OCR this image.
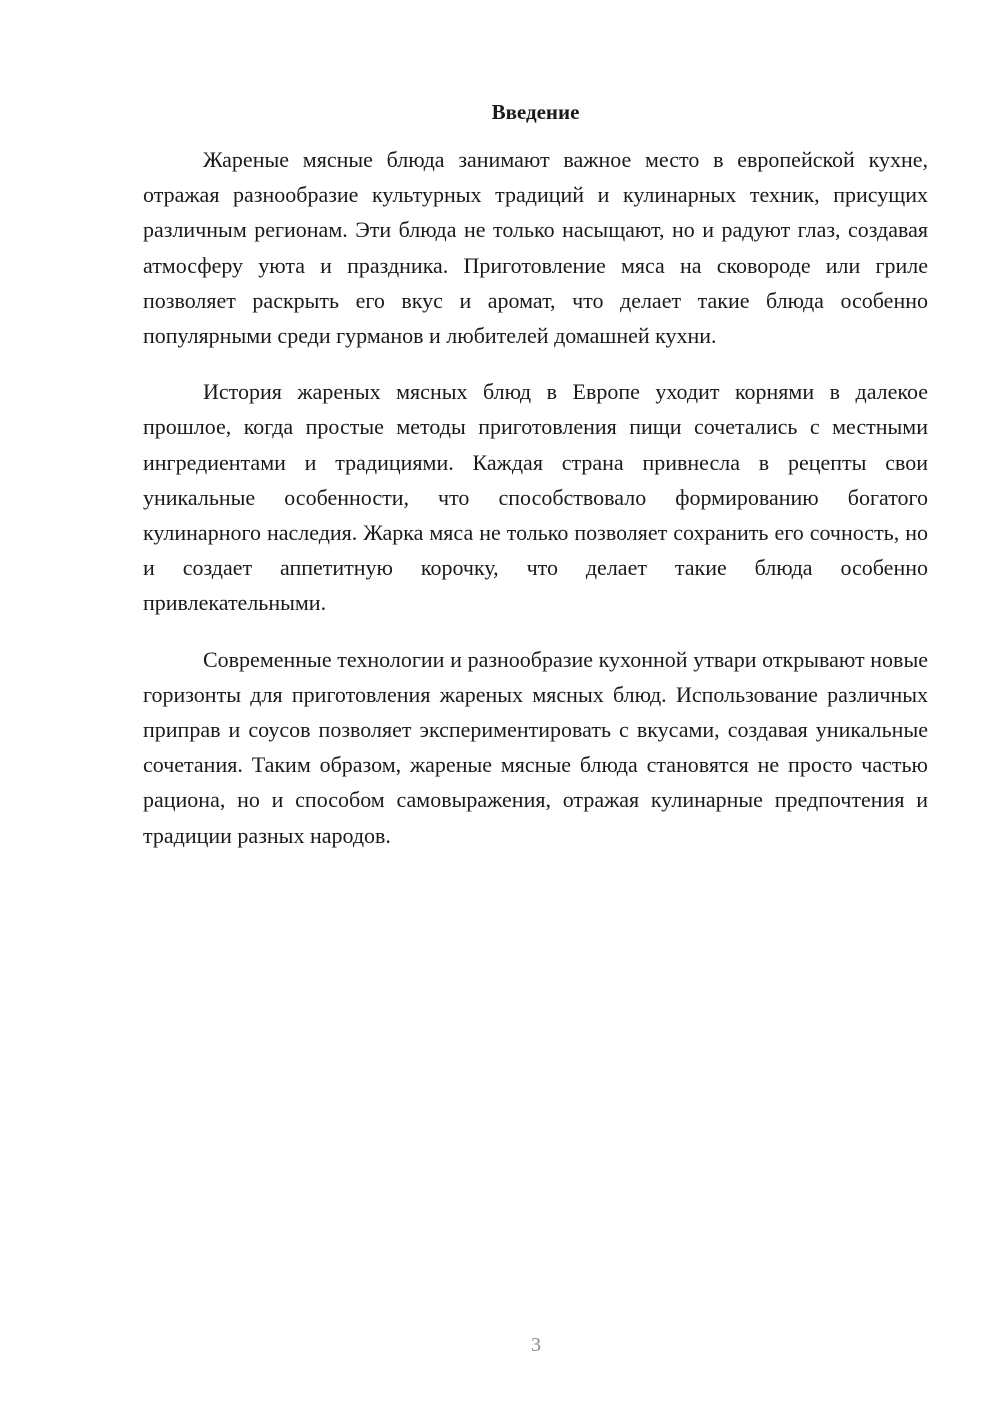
Введение

Жареные мясные блюда занимают важное место в европейской кухне, отражая разнообразие культурных традиций и кулинарных техник, присущих различным регионам. Эти блюда не только насыщают, но и радуют глаз, создавая атмосферу уюта и праздника. Приготовление мяса на сковороде или гриле позволяет раскрыть его вкус и аромат, что делает такие блюда особенно популярными среди гурманов и любителей домашней кухни.

История жареных мясных блюд в Европе уходит корнями в далекое прошлое, когда простые методы приготовления пищи сочетались с местными ингредиентами и традициями. Каждая страна привнесла в рецепты свои уникальные особенности, что способствовало формированию богатого кулинарного наследия. Жарка мяса не только позволяет сохранить его сочность, но и создает аппетитную корочку, что делает такие блюда особенно привлекательными.

Современные технологии и разнообразие кухонной утвари открывают новые горизонты для приготовления жареных мясных блюд. Использование различных приправ и соусов позволяет экспериментировать с вкусами, создавая уникальные сочетания. Таким образом, жареные мясные блюда становятся не просто частью рациона, но и способом самовыражения, отражая кулинарные предпочтения и традиции разных народов.

3
